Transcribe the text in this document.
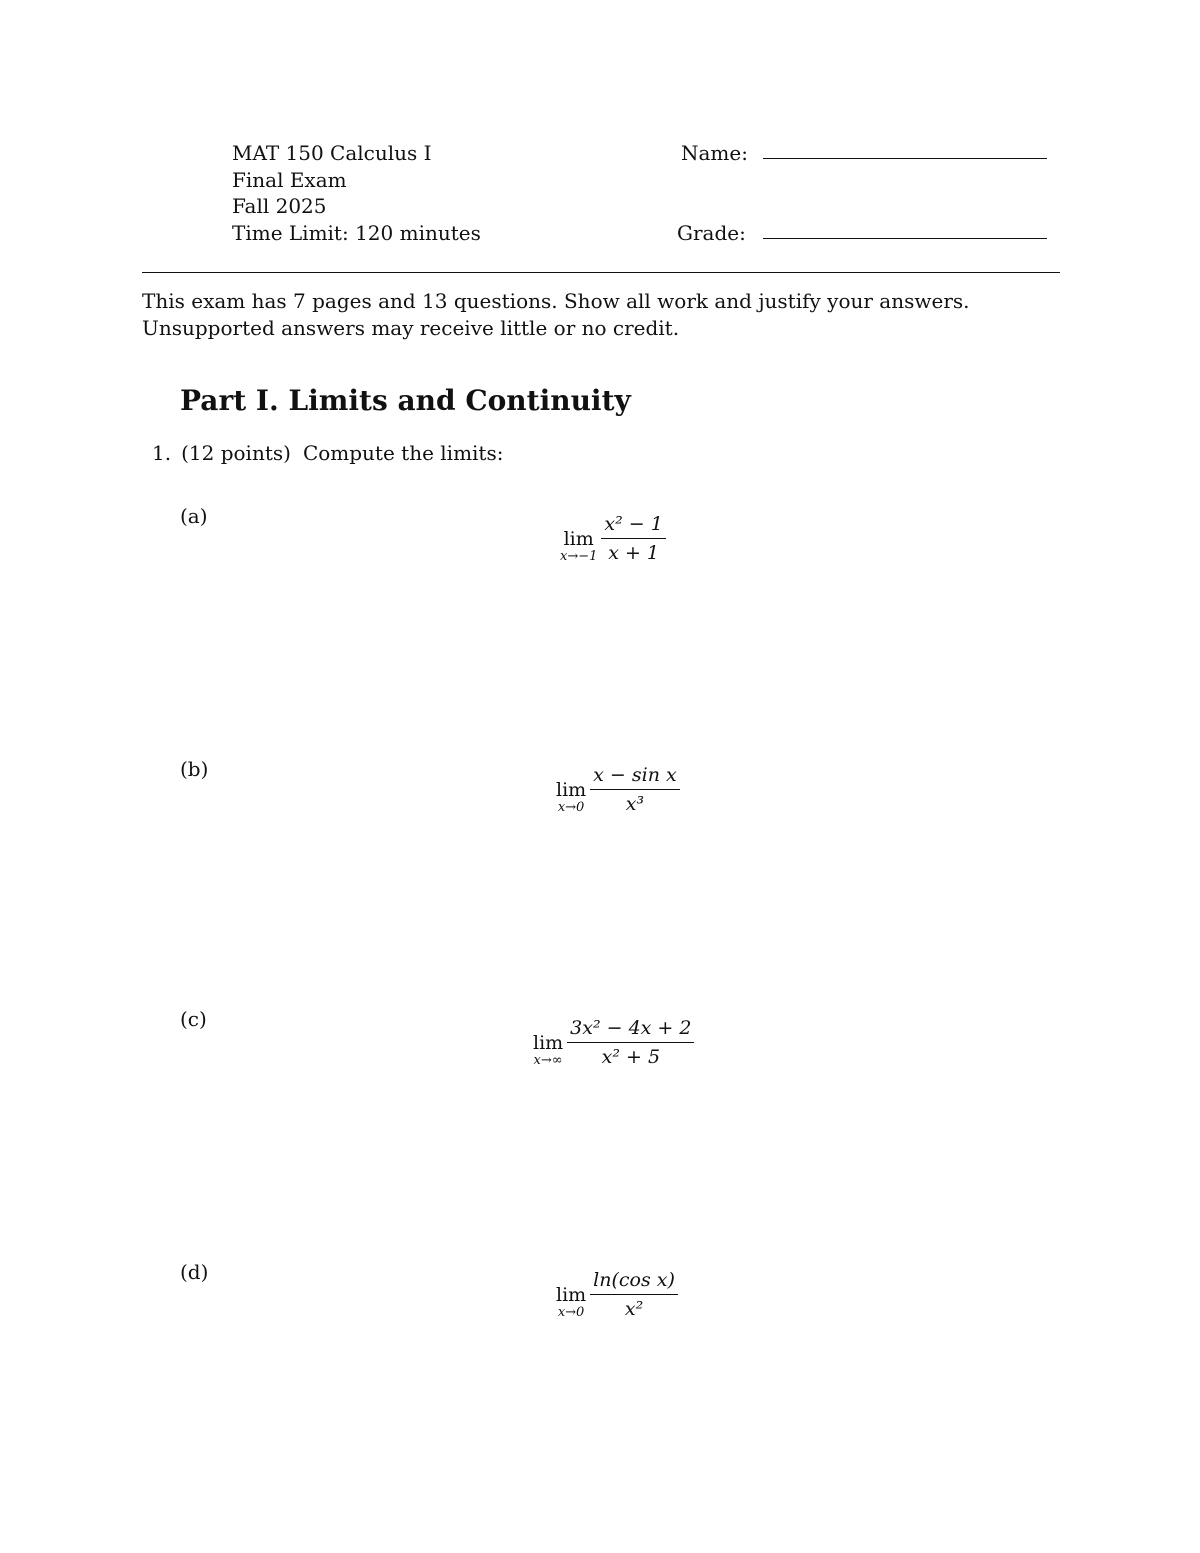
MAT 150 Calculus I
Final Exam
Fall 2025
Time Limit: 120 minutes
Name:
Grade:
This exam has 7 pages and 13 questions. Show all work and justify your answers. Unsupported answers may receive little or no credit.
Part I. Limits and Continuity
1. (12 points) Compute the limits:
(a)
lim
$x\to-1 \frac{\text{x² − 1}}{x + 1}$
(b)
lim
$x\to 0 \frac{\text{x − sin x}}{\text{x³}}$
(c)
lim
$x\to\infty \frac{\text{3x² − 4x + 2}}{\text{x² + 5}}$
(d)
lim
$x\to 0 \frac{\text{ln(cos x)}}{\text{x²}}$
